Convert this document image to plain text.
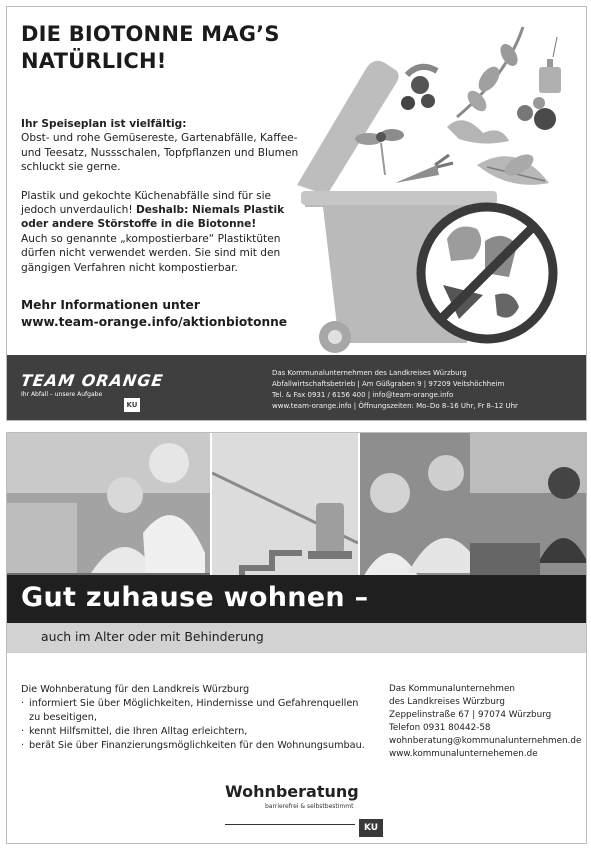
DIE BIOTONNE MAG’S
NATÜRLICH!

Ihr Speiseplan ist vielfältig:
Obst- und rohe Gemüsereste, Gartenabfälle, Kaffee- und Teesatz, Nussschalen, Topfpflanzen und Blumen schluckt sie gerne.

Plastik und gekochte Küchenabfälle sind für sie jedoch unverdaulich! Deshalb: Niemals Plastik oder andere Störstoffe in die Biotonne!
Auch so genannte „kompostierbare“ Plastiktüten dürfen nicht verwendet werden. Sie sind mit den gängigen Verfahren nicht kompostierbar.

Mehr Informationen unter
www.team-orange.info/aktionbiotonne
TEAM ORANGE
Ihr Abfall – unsere Aufgabe
KU
Das Kommunalunternehmen des Landkreises Würzburg
Abfallwirtschaftsbetrieb | Am Güßgraben 9 | 97209 Veitshöchheim
Tel. & Fax 0931 / 6156 400 | info@team-orange.info
www.team-orange.info | Öffnungszeiten: Mo–Do 8–16 Uhr, Fr 8–12 Uhr
Gut zuhause wohnen –
auch im Alter oder mit Behinderung
Die Wohnberatung für den Landkreis Würzburg
· informiert Sie über Möglichkeiten, Hindernisse und Gefahrenquellen zu beseitigen,
· kennt Hilfsmittel, die Ihren Alltag erleichtern,
· berät Sie über Finanzierungsmöglichkeiten für den Wohnungsumbau.
Das Kommunalunternehmen
des Landkreises Würzburg
Zeppelinstraße 67 | 97074 Würzburg
Telefon 0931 80442-58
wohnberatung@kommunalunternehmen.de
www.kommunalunternehemen.de
Wohnberatung
barrierefrei & selbstbestimmt
KU
